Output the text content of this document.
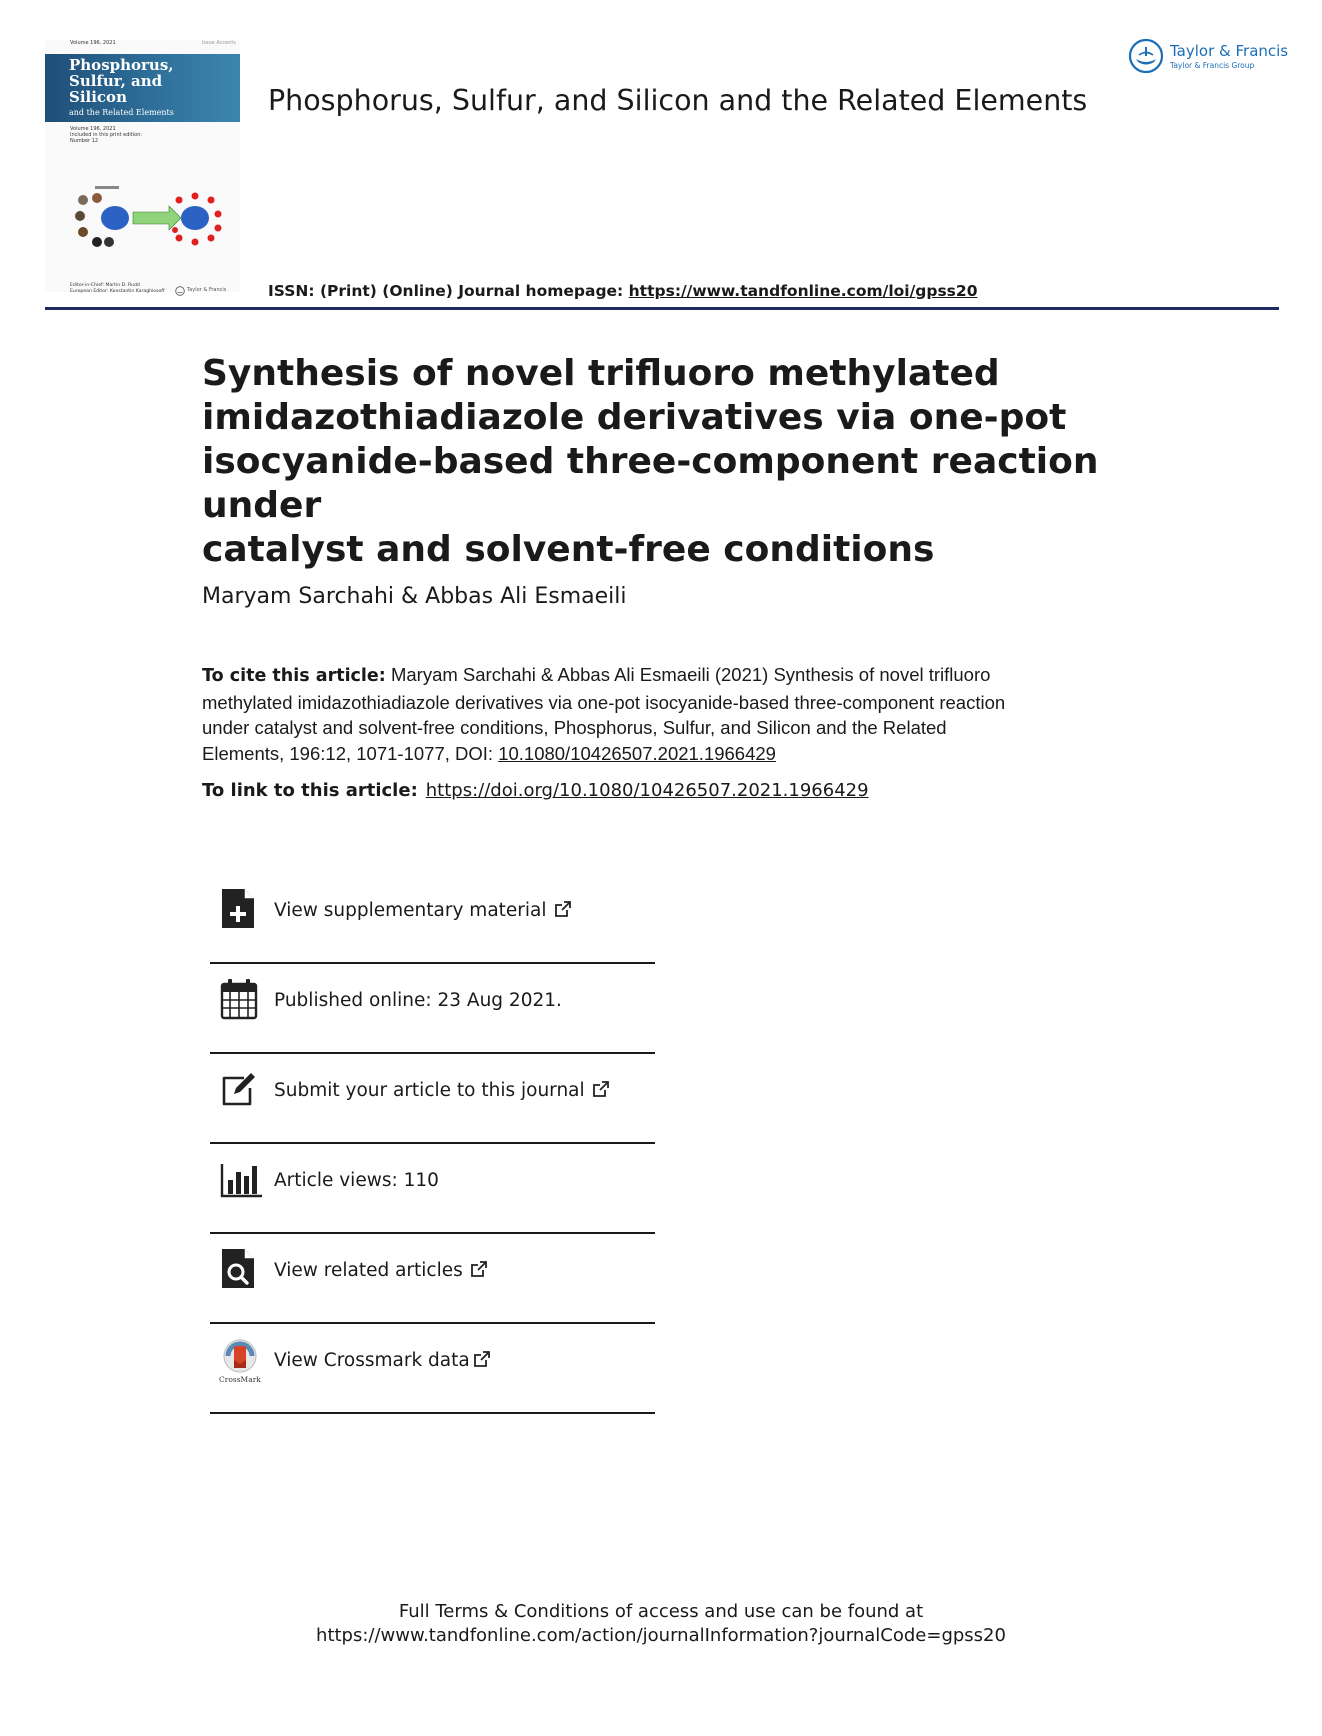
Volume 196, 2021	Issue Accents
Phosphorus,
Sulfur, and
Silicon
and the Related Elements
Volume 196, 2021
Included in this print edition:
Number 12
Editor-in-Chief: Martin D. Rudd
European Editor: Konstantin Karaghiosoff	Taylor & Francis
Phosphorus, Sulfur, and Silicon and the Related Elements
Taylor & Francis
Taylor & Francis Group
ISSN: (Print) (Online) Journal homepage: https://www.tandfonline.com/loi/gpss20
Synthesis of novel trifluoro methylated
imidazothiadiazole derivatives via one-pot
isocyanide-based three-component reaction under
catalyst and solvent-free conditions
Maryam Sarchahi & Abbas Ali Esmaeili
To cite this article: Maryam Sarchahi & Abbas Ali Esmaeili (2021) Synthesis of novel trifluoro
methylated imidazothiadiazole derivatives via one-pot isocyanide-based three-component reaction
under catalyst and solvent-free conditions, Phosphorus, Sulfur, and Silicon and the Related
Elements, 196:12, 1071-1077, DOI: 10.1080/10426507.2021.1966429
To link to this article: https://doi.org/10.1080/10426507.2021.1966429
View supplementary material
Published online: 23 Aug 2021.
Submit your article to this journal
Article views: 110
View related articles
CrossMark
View Crossmark data
Full Terms & Conditions of access and use can be found at
https://www.tandfonline.com/action/journalInformation?journalCode=gpss20
